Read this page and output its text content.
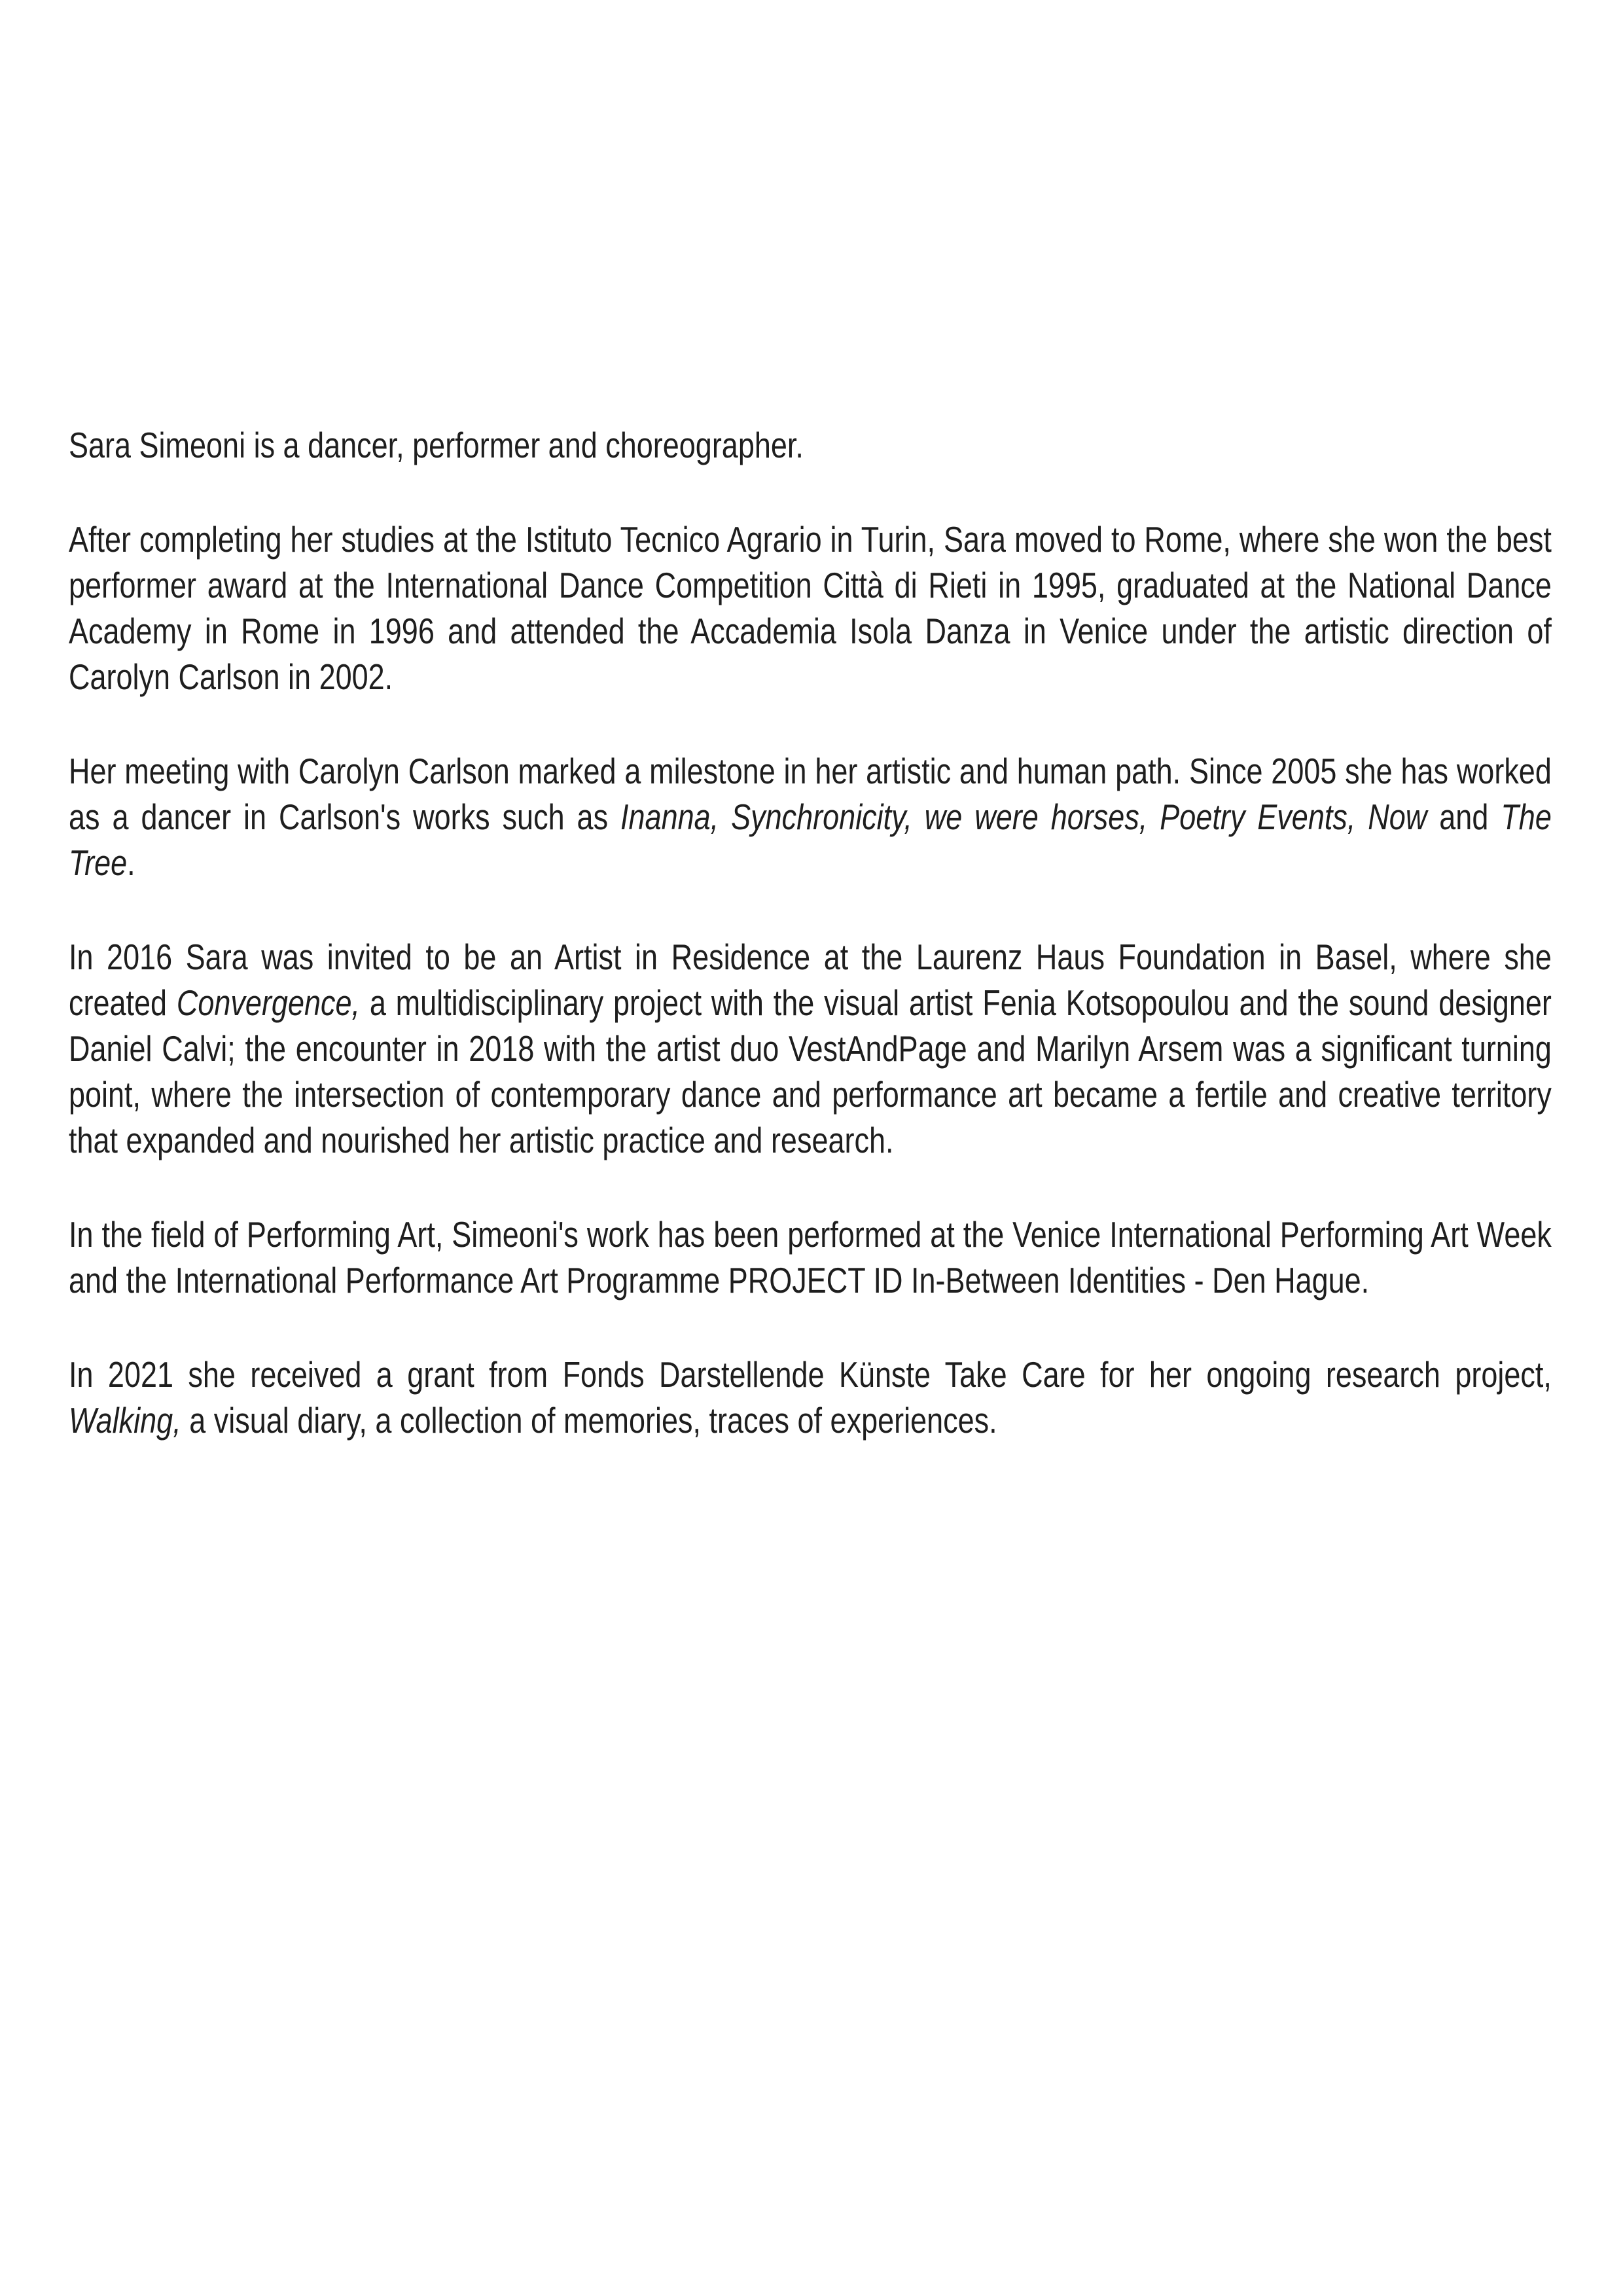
Sara Simeoni is a dancer, performer and choreographer.

After completing her studies at the Istituto Tecnico Agrario in Turin, Sara moved to Rome, where she won the best performer award at the International Dance Competition Città di Rieti in 1995, graduated at the National Dance Academy in Rome in 1996 and attended the Accademia Isola Danza in Venice under the artistic direction of Carolyn Carlson in 2002.

Her meeting with Carolyn Carlson marked a milestone in her artistic and human path. Since 2005 she has worked as a dancer in Carlson's works such as Inanna, Synchronicity, we were horses, Poetry Events, Now and The Tree.

In 2016 Sara was invited to be an Artist in Residence at the Laurenz Haus Foundation in Basel, where she created Convergence, a multidisciplinary project with the visual artist Fenia Kotsopoulou and the sound designer Daniel Calvi; the encounter in 2018 with the artist duo VestAndPage and Marilyn Arsem was a significant turning point, where the intersection of contemporary dance and performance art became a fertile and creative territory that expanded and nourished her artistic practice and research.

In the field of Performing Art, Simeoni's work has been performed at the Venice International Performing Art Week and the International Performance Art Programme PROJECT ID In-Between Identities - Den Hague.

In 2021 she received a grant from Fonds Darstellende Künste Take Care for her ongoing research project, Walking, a visual diary, a collection of memories, traces of experiences.
